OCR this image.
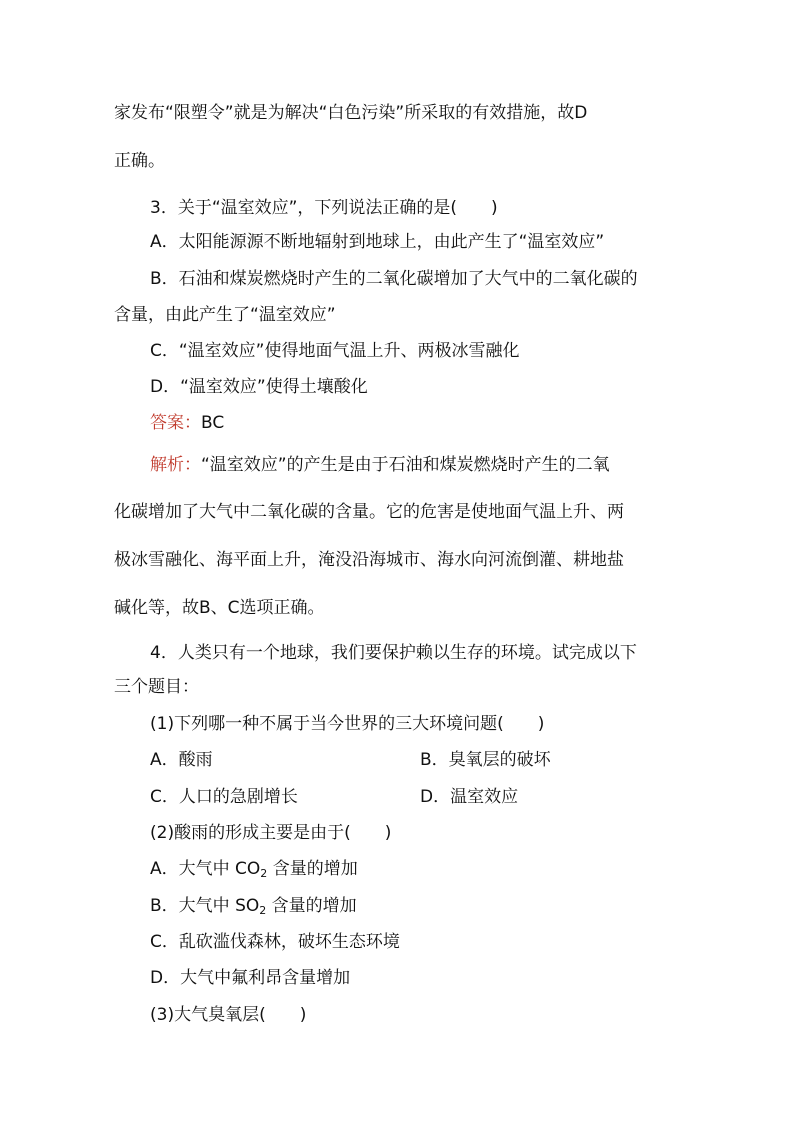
家发布“限塑令”就是为解决“白色污染”所采取的有效措施，故D
正确。
3．关于“温室效应”，下列说法正确的是(　　)
A．太阳能源源不断地辐射到地球上，由此产生了“温室效应”
B．石油和煤炭燃烧时产生的二氧化碳增加了大气中的二氧化碳的
含量，由此产生了“温室效应”
C．“温室效应”使得地面气温上升、两极冰雪融化
D．“温室效应”使得土壤酸化
答案：BC
解析：“温室效应”的产生是由于石油和煤炭燃烧时产生的二氧
化碳增加了大气中二氧化碳的含量。它的危害是使地面气温上升、两
极冰雪融化、海平面上升，淹没沿海城市、海水向河流倒灌、耕地盐
碱化等，故B、C选项正确。
4．人类只有一个地球，我们要保护赖以生存的环境。试完成以下
三个题目：
(1)下列哪一种不属于当今世界的三大环境问题(　　)
A．酸雨	B．臭氧层的破坏
C．人口的急剧增长	D．温室效应
(2)酸雨的形成主要是由于(　　)
A．大气中 $CO_2$ 含量的增加
B．大气中 $SO_2$ 含量的增加
C．乱砍滥伐森林，破坏生态环境
D．大气中氟利昂含量增加
(3)大气臭氧层(　　)
